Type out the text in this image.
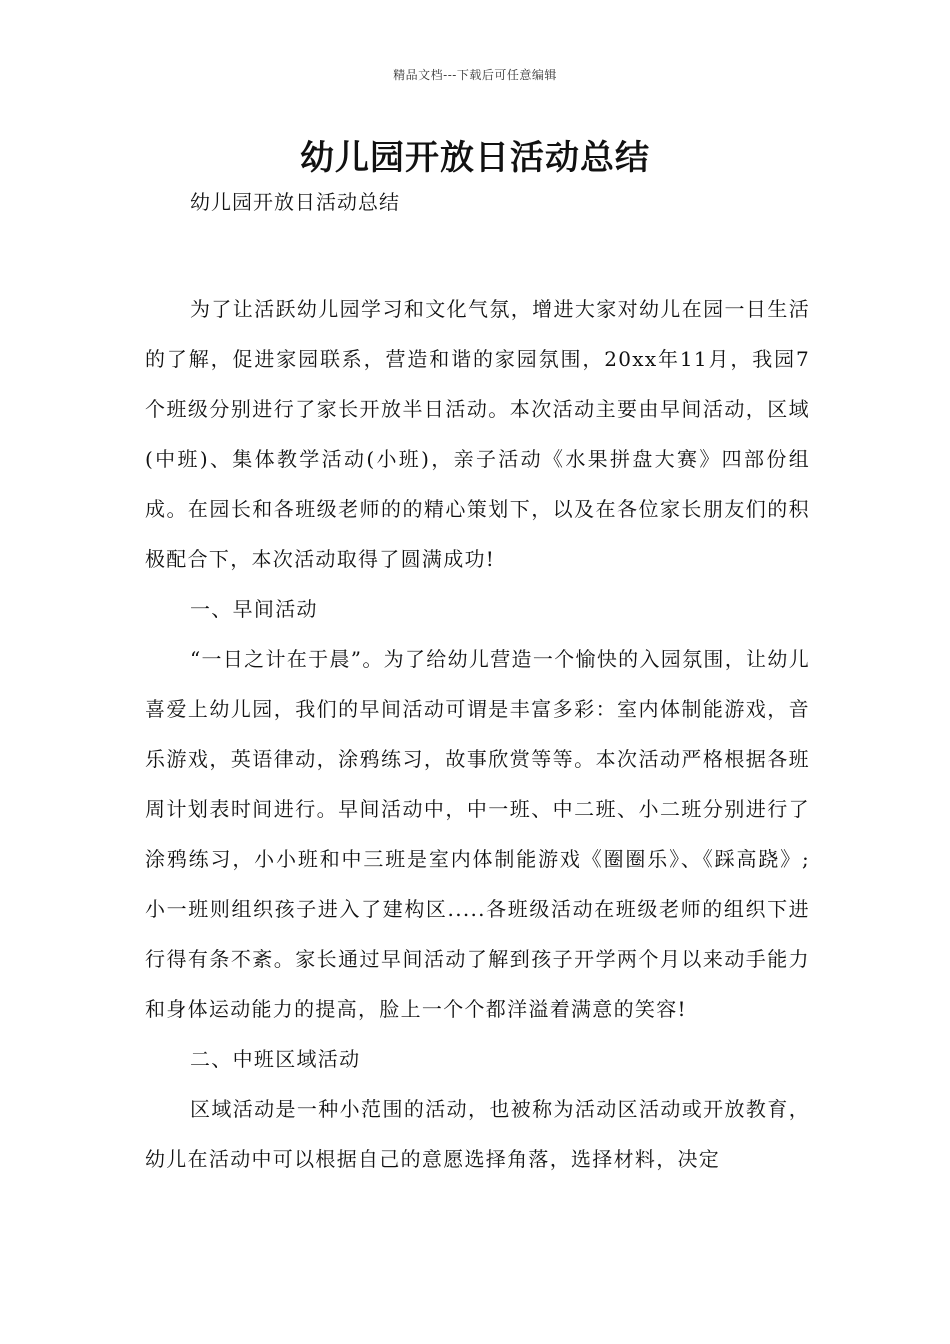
精品文档---下载后可任意编辑
幼儿园开放日活动总结
幼儿园开放日活动总结

为了让活跃幼儿园学习和文化气氛，增进大家对幼儿在园一日生活的了解，促进家园联系，营造和谐的家园氛围，20xx年11月，我园7个班级分别进行了家长开放半日活动。本次活动主要由早间活动，区域(中班)、集体教学活动(小班)，亲子活动《水果拼盘大赛》四部份组成。在园长和各班级老师的的精心策划下，以及在各位家长朋友们的积极配合下，本次活动取得了圆满成功!

一、早间活动

“一日之计在于晨”。为了给幼儿营造一个愉快的入园氛围，让幼儿喜爱上幼儿园，我们的早间活动可谓是丰富多彩：室内体制能游戏，音乐游戏，英语律动，涂鸦练习，故事欣赏等等。本次活动严格根据各班周计划表时间进行。早间活动中，中一班、中二班、小二班分别进行了涂鸦练习，小小班和中三班是室内体制能游戏《圈圈乐》、《踩高跷》;小一班则组织孩子进入了建构区.....各班级活动在班级老师的组织下进行得有条不紊。家长通过早间活动了解到孩子开学两个月以来动手能力和身体运动能力的提高，脸上一个个都洋溢着满意的笑容!

二、中班区域活动

区域活动是一种小范围的活动，也被称为活动区活动或开放教育，幼儿在活动中可以根据自己的意愿选择角落，选择材料，决定
